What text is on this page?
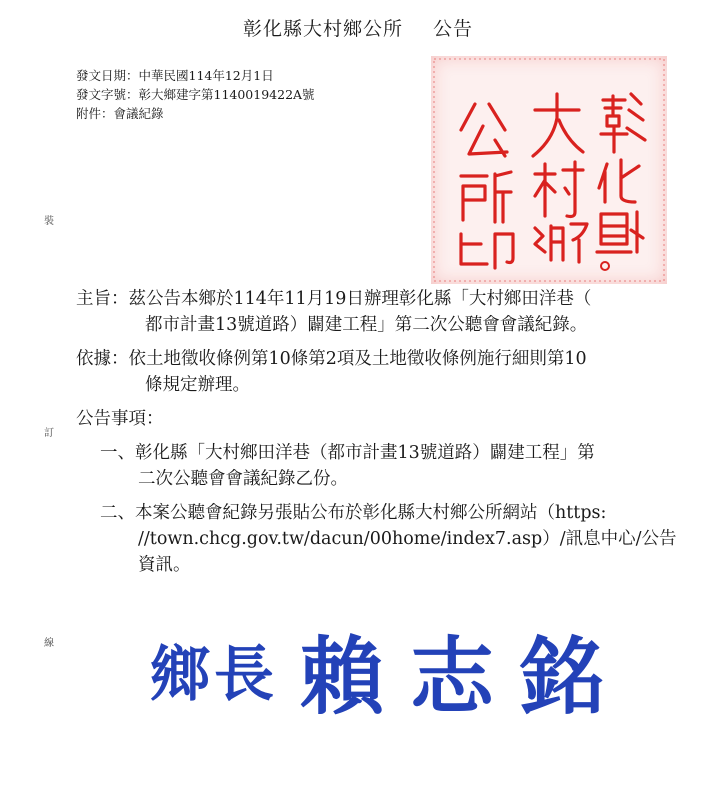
彰化縣大村鄉公所 公告
發文日期：中華民國114年12月1日
發文字號：彰大鄉建字第1140019422A號
附件：會議紀錄
裝
訂
線
主旨：茲公告本鄉於114年11月19日辦理彰化縣「大村鄉田洋巷（
都市計畫13號道路）闢建工程」第二次公聽會會議紀錄。
依據：依土地徵收條例第10條第2項及土地徵收條例施行細則第10
條規定辦理。
公告事項：
一、彰化縣「大村鄉田洋巷（都市計畫13號道路）闢建工程」第
二次公聽會會議紀錄乙份。
二、本案公聽會紀錄另張貼公布於彰化縣大村鄉公所網站（https:
//town.chcg.gov.tw/dacun/00home/index7.asp）/訊息中心/公告
資訊。
鄉長 賴志銘
